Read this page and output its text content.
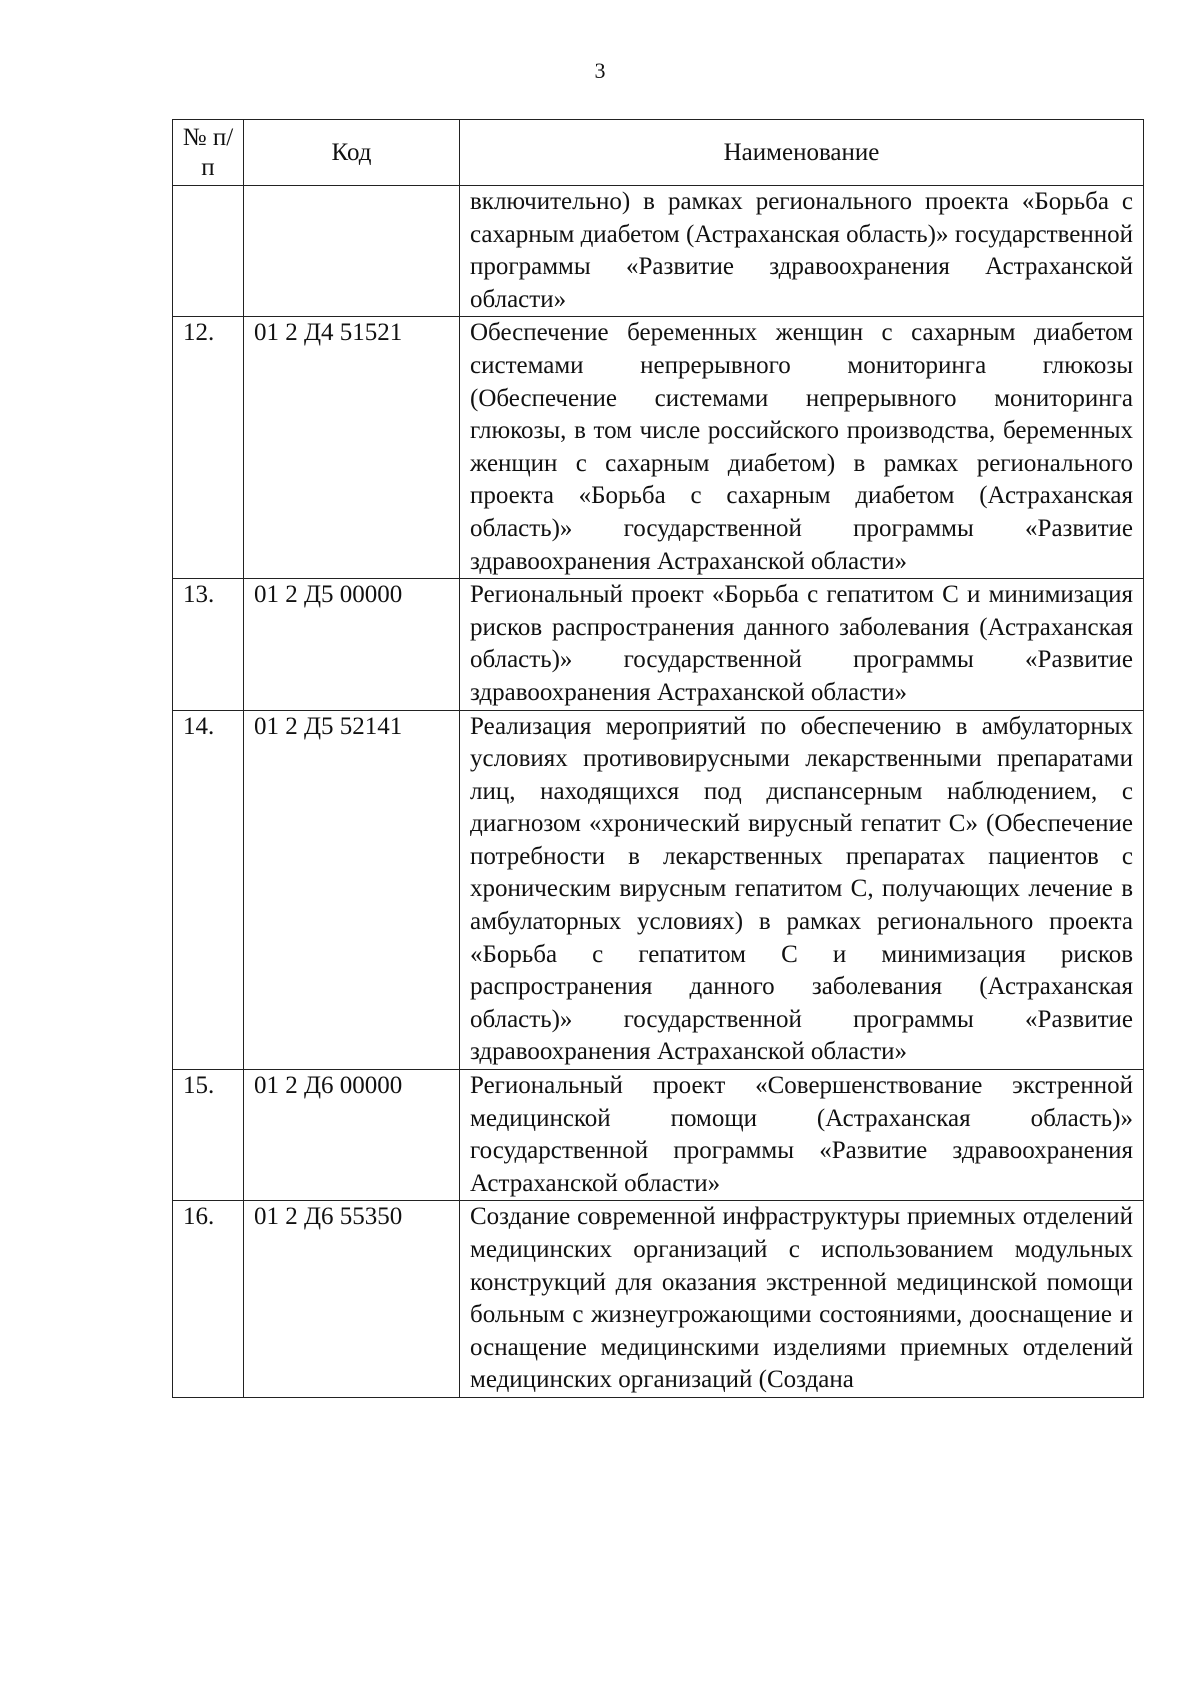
3
№ п/п	Код	Наименование
		включительно) в рамках регионального проекта «Борьба с сахарным диабетом (Астраханская область)» государственной программы «Развитие здравоохранения Астраханской области»
12.	01 2 Д4 51521	Обеспечение беременных женщин с сахарным диабетом системами непрерывного мониторинга глюкозы (Обеспечение системами непрерывного мониторинга глюкозы, в том числе российского производства, беременных женщин с сахарным диабетом) в рамках регионального проекта «Борьба с сахарным диабетом (Астраханская область)» государственной программы «Развитие здравоохранения Астраханской области»
13.	01 2 Д5 00000	Региональный проект «Борьба с гепатитом С и минимизация рисков распространения данного заболевания (Астраханская область)» государственной программы «Развитие здравоохранения Астраханской области»
14.	01 2 Д5 52141	Реализация мероприятий по обеспечению в амбулаторных условиях противовирусными лекарственными препаратами лиц, находящихся под диспансерным наблюдением, с диагнозом «хронический вирусный гепатит С» (Обеспечение потребности в лекарственных препаратах пациентов с хроническим вирусным гепатитом С, получающих лечение в амбулаторных условиях) в рамках регионального проекта «Борьба с гепатитом С и минимизация рисков распространения данного заболевания (Астраханская область)» государственной программы «Развитие здравоохранения Астраханской области»
15.	01 2 Д6 00000	Региональный проект «Совершенствование экстренной медицинской помощи (Астраханская область)» государственной программы «Развитие здравоохранения Астраханской области»
16.	01 2 Д6 55350	Создание современной инфраструктуры приемных отделений медицинских организаций с использованием модульных конструкций для оказания экстренной медицинской помощи больным с жизнеугрожающими состояниями, дооснащение и оснащение медицинскими изделиями приемных отделений медицинских организаций (Создана
